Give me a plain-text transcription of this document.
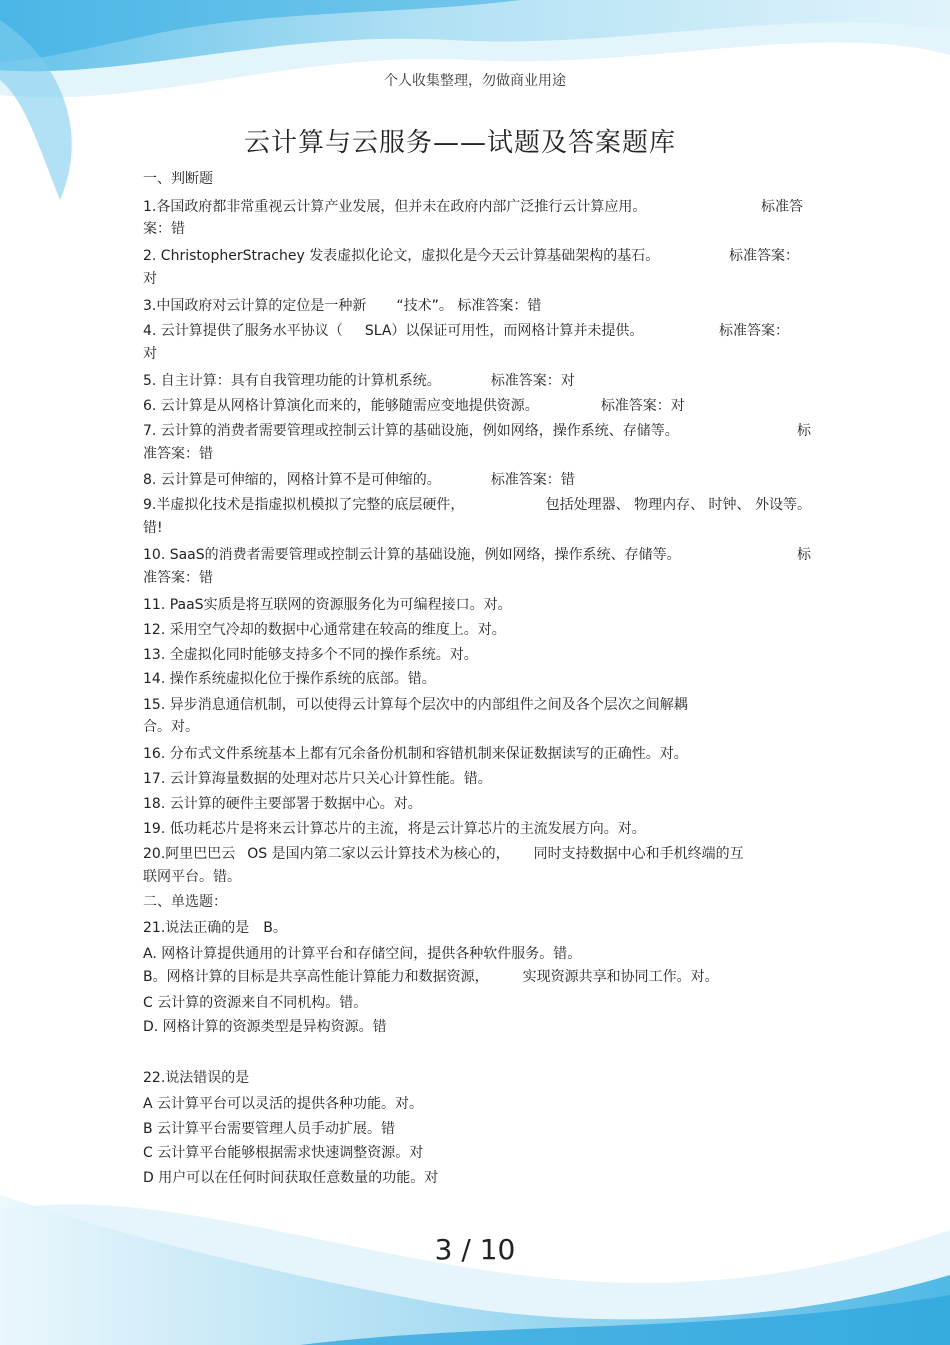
个人收集整理，勿做商业用途
云计算与云服务——试题及答案题库
一、判断题
1.各国政府都非常重视云计算产业发展，但并未在政府内部广泛推行云计算应用。	标准答
案：错
2. ChristopherStrachey 发表虚拟化论文，虚拟化是今天云计算基础架构的基石。	标准答案：
对
3.中国政府对云计算的定位是一种新 “技术”。 标准答案：错
4. 云计算提供了服务水平协议（ SLA）以保证可用性，而网格计算并未提供。	标准答案：
对
5. 自主计算：具有自我管理功能的计算机系统。	标准答案：对
6. 云计算是从网格计算演化而来的，能够随需应变地提供资源。	标准答案：对
7. 云计算的消费者需要管理或控制云计算的基础设施，例如网络，操作系统、存储等。	标
准答案：错
8. 云计算是可伸缩的，网格计算不是可伸缩的。	标准答案：错
9.半虚拟化技术是指虚拟机模拟了完整的底层硬件，	包括处理器、 物理内存、 时钟、 外设等。
错!
10. SaaS的消费者需要管理或控制云计算的基础设施，例如网络，操作系统、存储等。	标
准答案：错
11. PaaS实质是将互联网的资源服务化为可编程接口。对。
12. 采用空气冷却的数据中心通常建在较高的维度上。对。
13. 全虚拟化同时能够支持多个不同的操作系统。对。
14. 操作系统虚拟化位于操作系统的底部。错。
15. 异步消息通信机制，可以使得云计算每个层次中的内部组件之间及各个层次之间解耦
合。对。
16. 分布式文件系统基本上都有冗余备份机制和容错机制来保证数据读写的正确性。对。
17. 云计算海量数据的处理对芯片只关心计算性能。错。
18. 云计算的硬件主要部署于数据中心。对。
19. 低功耗芯片是将来云计算芯片的主流，将是云计算芯片的主流发展方向。对。
20.阿里巴巴云 OS 是国内第二家以云计算技术为核心的， 同时支持数据中心和手机终端的互
联网平台。错。
二、单选题：
21.说法正确的是 B。
A. 网格计算提供通用的计算平台和存储空间，提供各种软件服务。错。
B。网格计算的目标是共享高性能计算能力和数据资源， 实现资源共享和协同工作。对。
C 云计算的资源来自不同机构。错。
D. 网格计算的资源类型是异构资源。错
22.说法错误的是
A 云计算平台可以灵活的提供各种功能。对。
B 云计算平台需要管理人员手动扩展。错
C 云计算平台能够根据需求快速调整资源。对
D 用户可以在任何时间获取任意数量的功能。对
3 / 10
